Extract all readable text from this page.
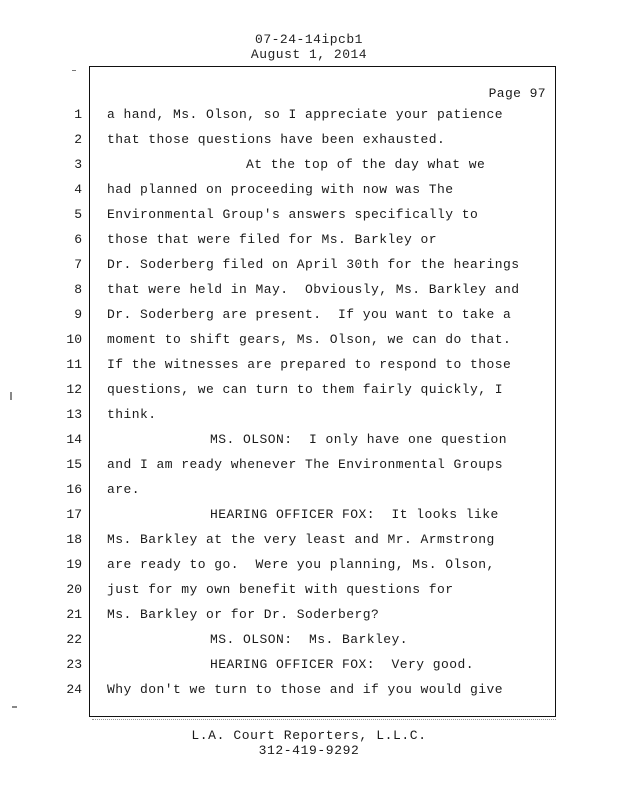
07-24-14ipcb1
August 1, 2014
Page 97
1
2
3
4
5
6
7
8
9
10
11
12
13
14
15
16
17
18
19
20
21
22
23
24
a hand, Ms. Olson, so I appreciate your patience
that those questions have been exhausted.
At the top of the day what we
had planned on proceeding with now was The
Environmental Group's answers specifically to
those that were filed for Ms. Barkley or
Dr. Soderberg filed on April 30th for the hearings
that were held in May.  Obviously, Ms. Barkley and
Dr. Soderberg are present.  If you want to take a
moment to shift gears, Ms. Olson, we can do that.
If the witnesses are prepared to respond to those
questions, we can turn to them fairly quickly, I
think.
MS. OLSON:  I only have one question
and I am ready whenever The Environmental Groups
are.
HEARING OFFICER FOX:  It looks like
Ms. Barkley at the very least and Mr. Armstrong
are ready to go.  Were you planning, Ms. Olson,
just for my own benefit with questions for
Ms. Barkley or for Dr. Soderberg?
MS. OLSON:  Ms. Barkley.
HEARING OFFICER FOX:  Very good.
Why don't we turn to those and if you would give
L.A. Court Reporters, L.L.C.
312-419-9292
